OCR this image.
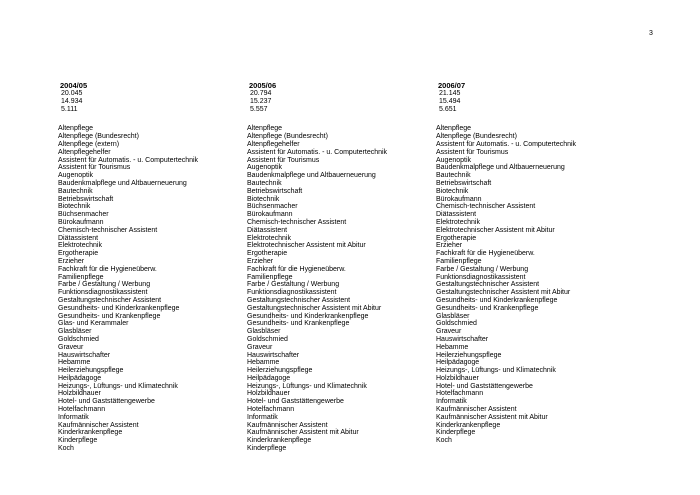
3
2004/05
20.045
14.934
5.111
Altenpflege
Altenpflege (Bundesrecht)
Altenpflege (extern)
Altenpflegehelfer
Assistent für Automatis. - u. Computertechnik
Assistent für Tourismus
Augenoptik
Baudenkmalpflege und Altbauerneuerung
Bautechnik
Betriebswirtschaft
Biotechnik
Büchsenmacher
Bürokaufmann
Chemisch-technischer Assistent
Diätassistent
Elektrotechnik
Ergotherapie
Erzieher
Fachkraft für die Hygieneüberw.
Familienpflege
Farbe / Gestaltung / Werbung
Funktionsdiagnostikassistent
Gestaltungstechnischer Assistent
Gesundheits- und Kinderkrankenpflege
Gesundheits- und Krankenpflege
Glas- und Kerammaler
Glasbläser
Goldschmied
Graveur
Hauswirtschafter
Hebamme
Heilerziehungspflege
Heilpädagoge
Heizungs-, Lüftungs- und Klimatechnik
Holzbildhauer
Hotel- und Gaststättengewerbe
Hotelfachmann
Informatik
Kaufmännischer Assistent
Kinderkrankenpflege
Kinderpflege
Koch
2005/06
20.794
15.237
5.557
Altenpflege
Altenpflege (Bundesrecht)
Altenpflegehelfer
Assistent für Automatis. - u. Computertechnik
Assistent für Tourismus
Augenoptik
Baudenkmalpflege und Altbauerneuerung
Bautechnik
Betriebswirtschaft
Biotechnik
Büchsenmacher
Bürokaufmann
Chemisch-technischer Assistent
Diätassistent
Elektrotechnik
Elektrotechnischer Assistent mit Abitur
Ergotherapie
Erzieher
Fachkraft für die Hygieneüberw.
Familienpflege
Farbe / Gestaltung / Werbung
Funktionsdiagnostikassistent
Gestaltungstechnischer Assistent
Gestaltungstechnischer Assistent mit Abitur
Gesundheits- und Kinderkrankenpflege
Gesundheits- und Krankenpflege
Glasbläser
Goldschmied
Graveur
Hauswirtschafter
Hebamme
Heilerziehungspflege
Heilpädagoge
Heizungs-, Lüftungs- und Klimatechnik
Holzbildhauer
Hotel- und Gaststättengewerbe
Hotelfachmann
Informatik
Kaufmännischer Assistent
Kaufmännischer Assistent mit Abitur
Kinderkrankenpflege
Kinderpflege
2006/07
21.145
15.494
5.651
Altenpflege
Altenpflege (Bundesrecht)
Assistent für Automatis. - u. Computertechnik
Assistent für Tourismus
Augenoptik
Baudenkmalpflege und Altbauerneuerung
Bautechnik
Betriebswirtschaft
Biotechnik
Bürokaufmann
Chemisch-technischer Assistent
Diätassistent
Elektrotechnik
Elektrotechnischer Assistent mit Abitur
Ergotherapie
Erzieher
Fachkraft für die Hygieneüberw.
Familienpflege
Farbe / Gestaltung / Werbung
Funktionsdiagnostikassistent
Gestaltungstechnischer Assistent
Gestaltungstechnischer Assistent mit Abitur
Gesundheits- und Kinderkrankenpflege
Gesundheits- und Krankenpflege
Glasbläser
Goldschmied
Graveur
Hauswirtschafter
Hebamme
Heilerziehungspflege
Heilpädagoge
Heizungs-, Lüftungs- und Klimatechnik
Holzbildhauer
Hotel- und Gaststättengewerbe
Hotelfachmann
Informatik
Kaufmännischer Assistent
Kaufmännischer Assistent mit Abitur
Kinderkrankenpflege
Kinderpflege
Koch
